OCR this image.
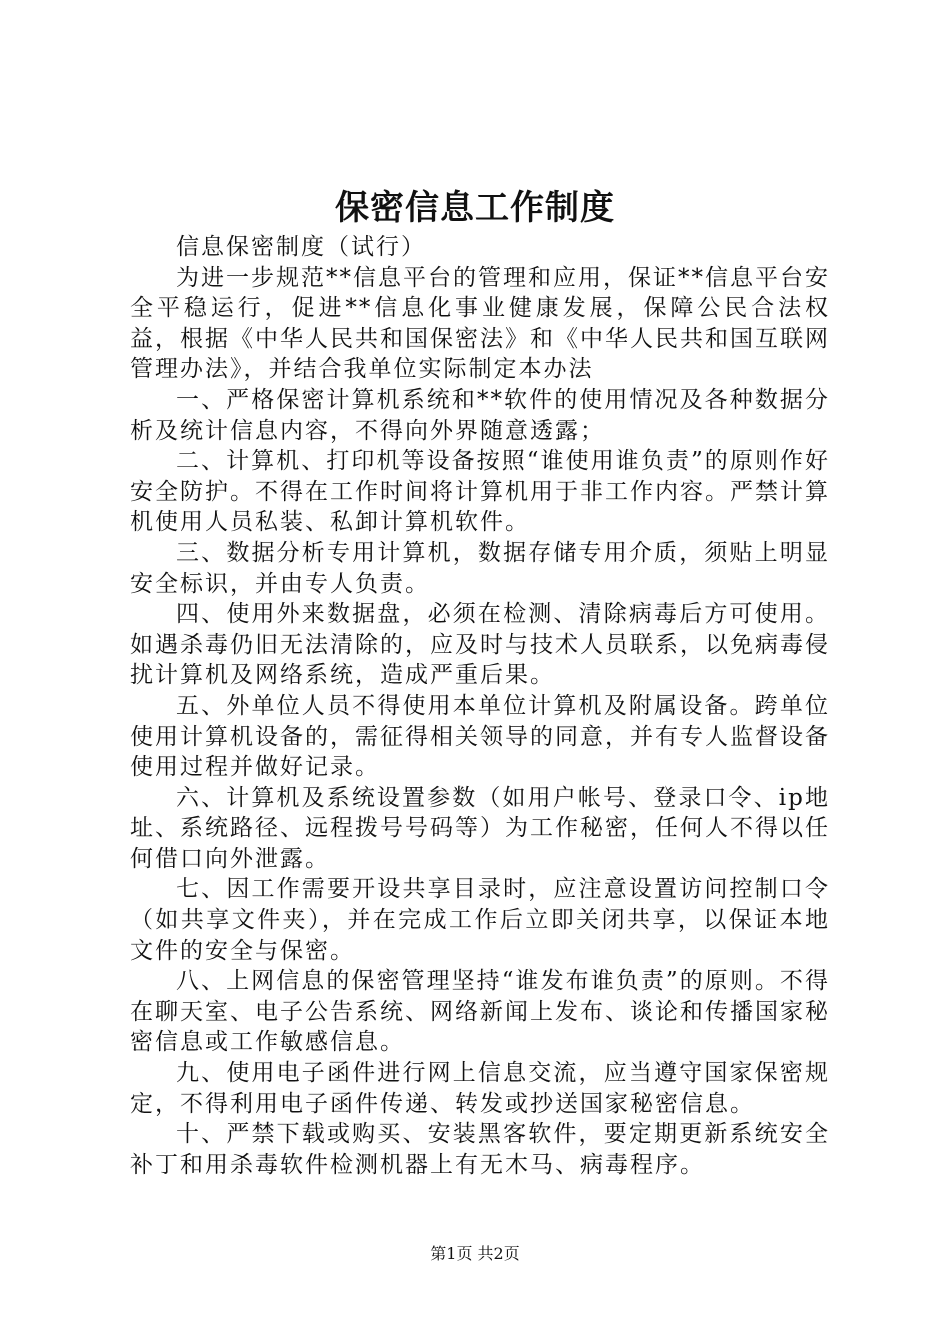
保密信息工作制度

信息保密制度（试行）

为进一步规范**信息平台的管理和应用，保证**信息平台安全平稳运行，促进**信息化事业健康发展，保障公民合法权益，根据《中华人民共和国保密法》和《中华人民共和国互联网管理办法》，并结合我单位实际制定本办法

一、严格保密计算机系统和**软件的使用情况及各种数据分析及统计信息内容，不得向外界随意透露；

二、计算机、打印机等设备按照“谁使用谁负责”的原则作好安全防护。不得在工作时间将计算机用于非工作内容。严禁计算机使用人员私装、私卸计算机软件。

三、数据分析专用计算机，数据存储专用介质，须贴上明显安全标识，并由专人负责。

四、使用外来数据盘，必须在检测、清除病毒后方可使用。如遇杀毒仍旧无法清除的，应及时与技术人员联系，以免病毒侵扰计算机及网络系统，造成严重后果。

五、外单位人员不得使用本单位计算机及附属设备。跨单位使用计算机设备的，需征得相关领导的同意，并有专人监督设备使用过程并做好记录。

六、计算机及系统设置参数（如用户帐号、登录口令、ip地址、系统路径、远程拨号号码等）为工作秘密，任何人不得以任何借口向外泄露。

七、因工作需要开设共享目录时，应注意设置访问控制口令（如共享文件夹），并在完成工作后立即关闭共享，以保证本地文件的安全与保密。

八、上网信息的保密管理坚持“谁发布谁负责”的原则。不得在聊天室、电子公告系统、网络新闻上发布、谈论和传播国家秘密信息或工作敏感信息。

九、使用电子函件进行网上信息交流，应当遵守国家保密规定，不得利用电子函件传递、转发或抄送国家秘密信息。

十、严禁下载或购买、安装黑客软件，要定期更新系统安全补丁和用杀毒软件检测机器上有无木马、病毒程序。

第1页 共2页
